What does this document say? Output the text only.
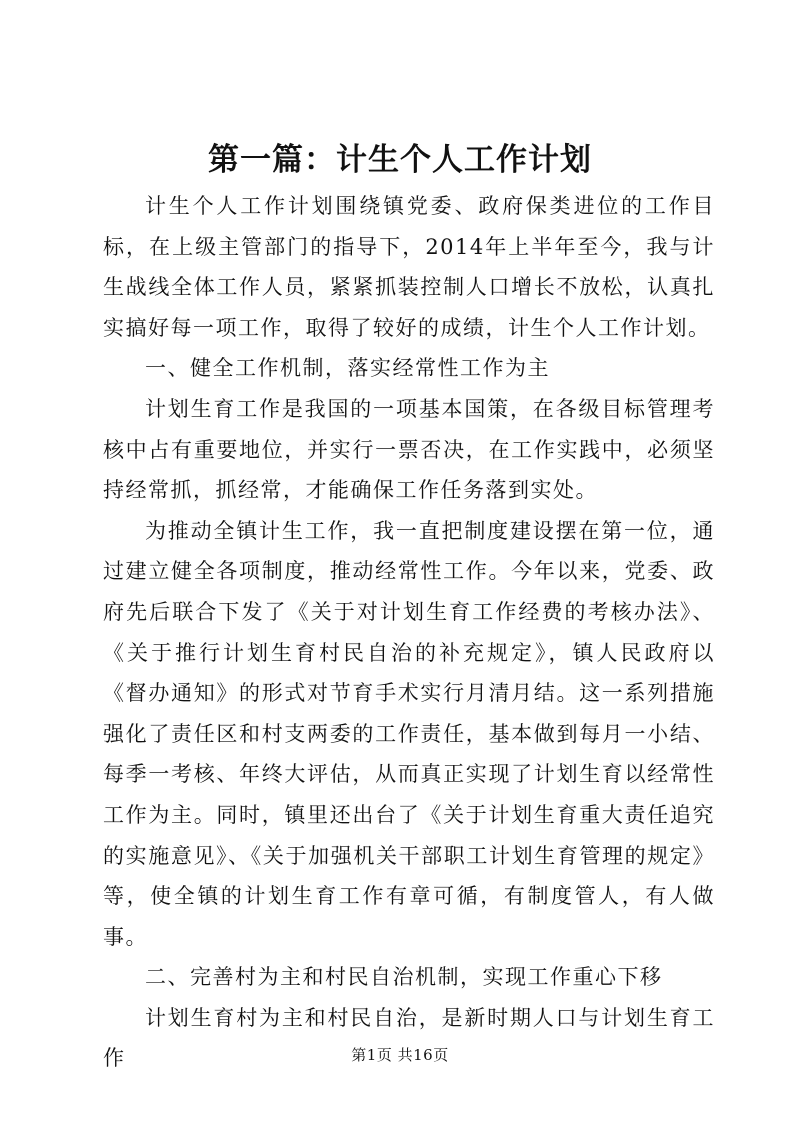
第一篇：计生个人工作计划

计生个人工作计划围绕镇党委、政府保类进位的工作目标，在上级主管部门的指导下，2014年上半年至今，我与计生战线全体工作人员，紧紧抓装控制人口增长不放松，认真扎实搞好每一项工作，取得了较好的成绩，计生个人工作计划。

一、健全工作机制，落实经常性工作为主

计划生育工作是我国的一项基本国策，在各级目标管理考核中占有重要地位，并实行一票否决，在工作实践中，必须坚持经常抓，抓经常，才能确保工作任务落到实处。

为推动全镇计生工作，我一直把制度建设摆在第一位，通过建立健全各项制度，推动经常性工作。今年以来，党委、政府先后联合下发了《关于对计划生育工作经费的考核办法》、《关于推行计划生育村民自治的补充规定》，镇人民政府以《督办通知》的形式对节育手术实行月清月结。这一系列措施强化了责任区和村支两委的工作责任，基本做到每月一小结、每季一考核、年终大评估，从而真正实现了计划生育以经常性工作为主。同时，镇里还出台了《关于计划生育重大责任追究的实施意见》、《关于加强机关干部职工计划生育管理的规定》等，使全镇的计划生育工作有章可循，有制度管人，有人做事。

二、完善村为主和村民自治机制，实现工作重心下移

计划生育村为主和村民自治，是新时期人口与计划生育工作	第1页 共16页
